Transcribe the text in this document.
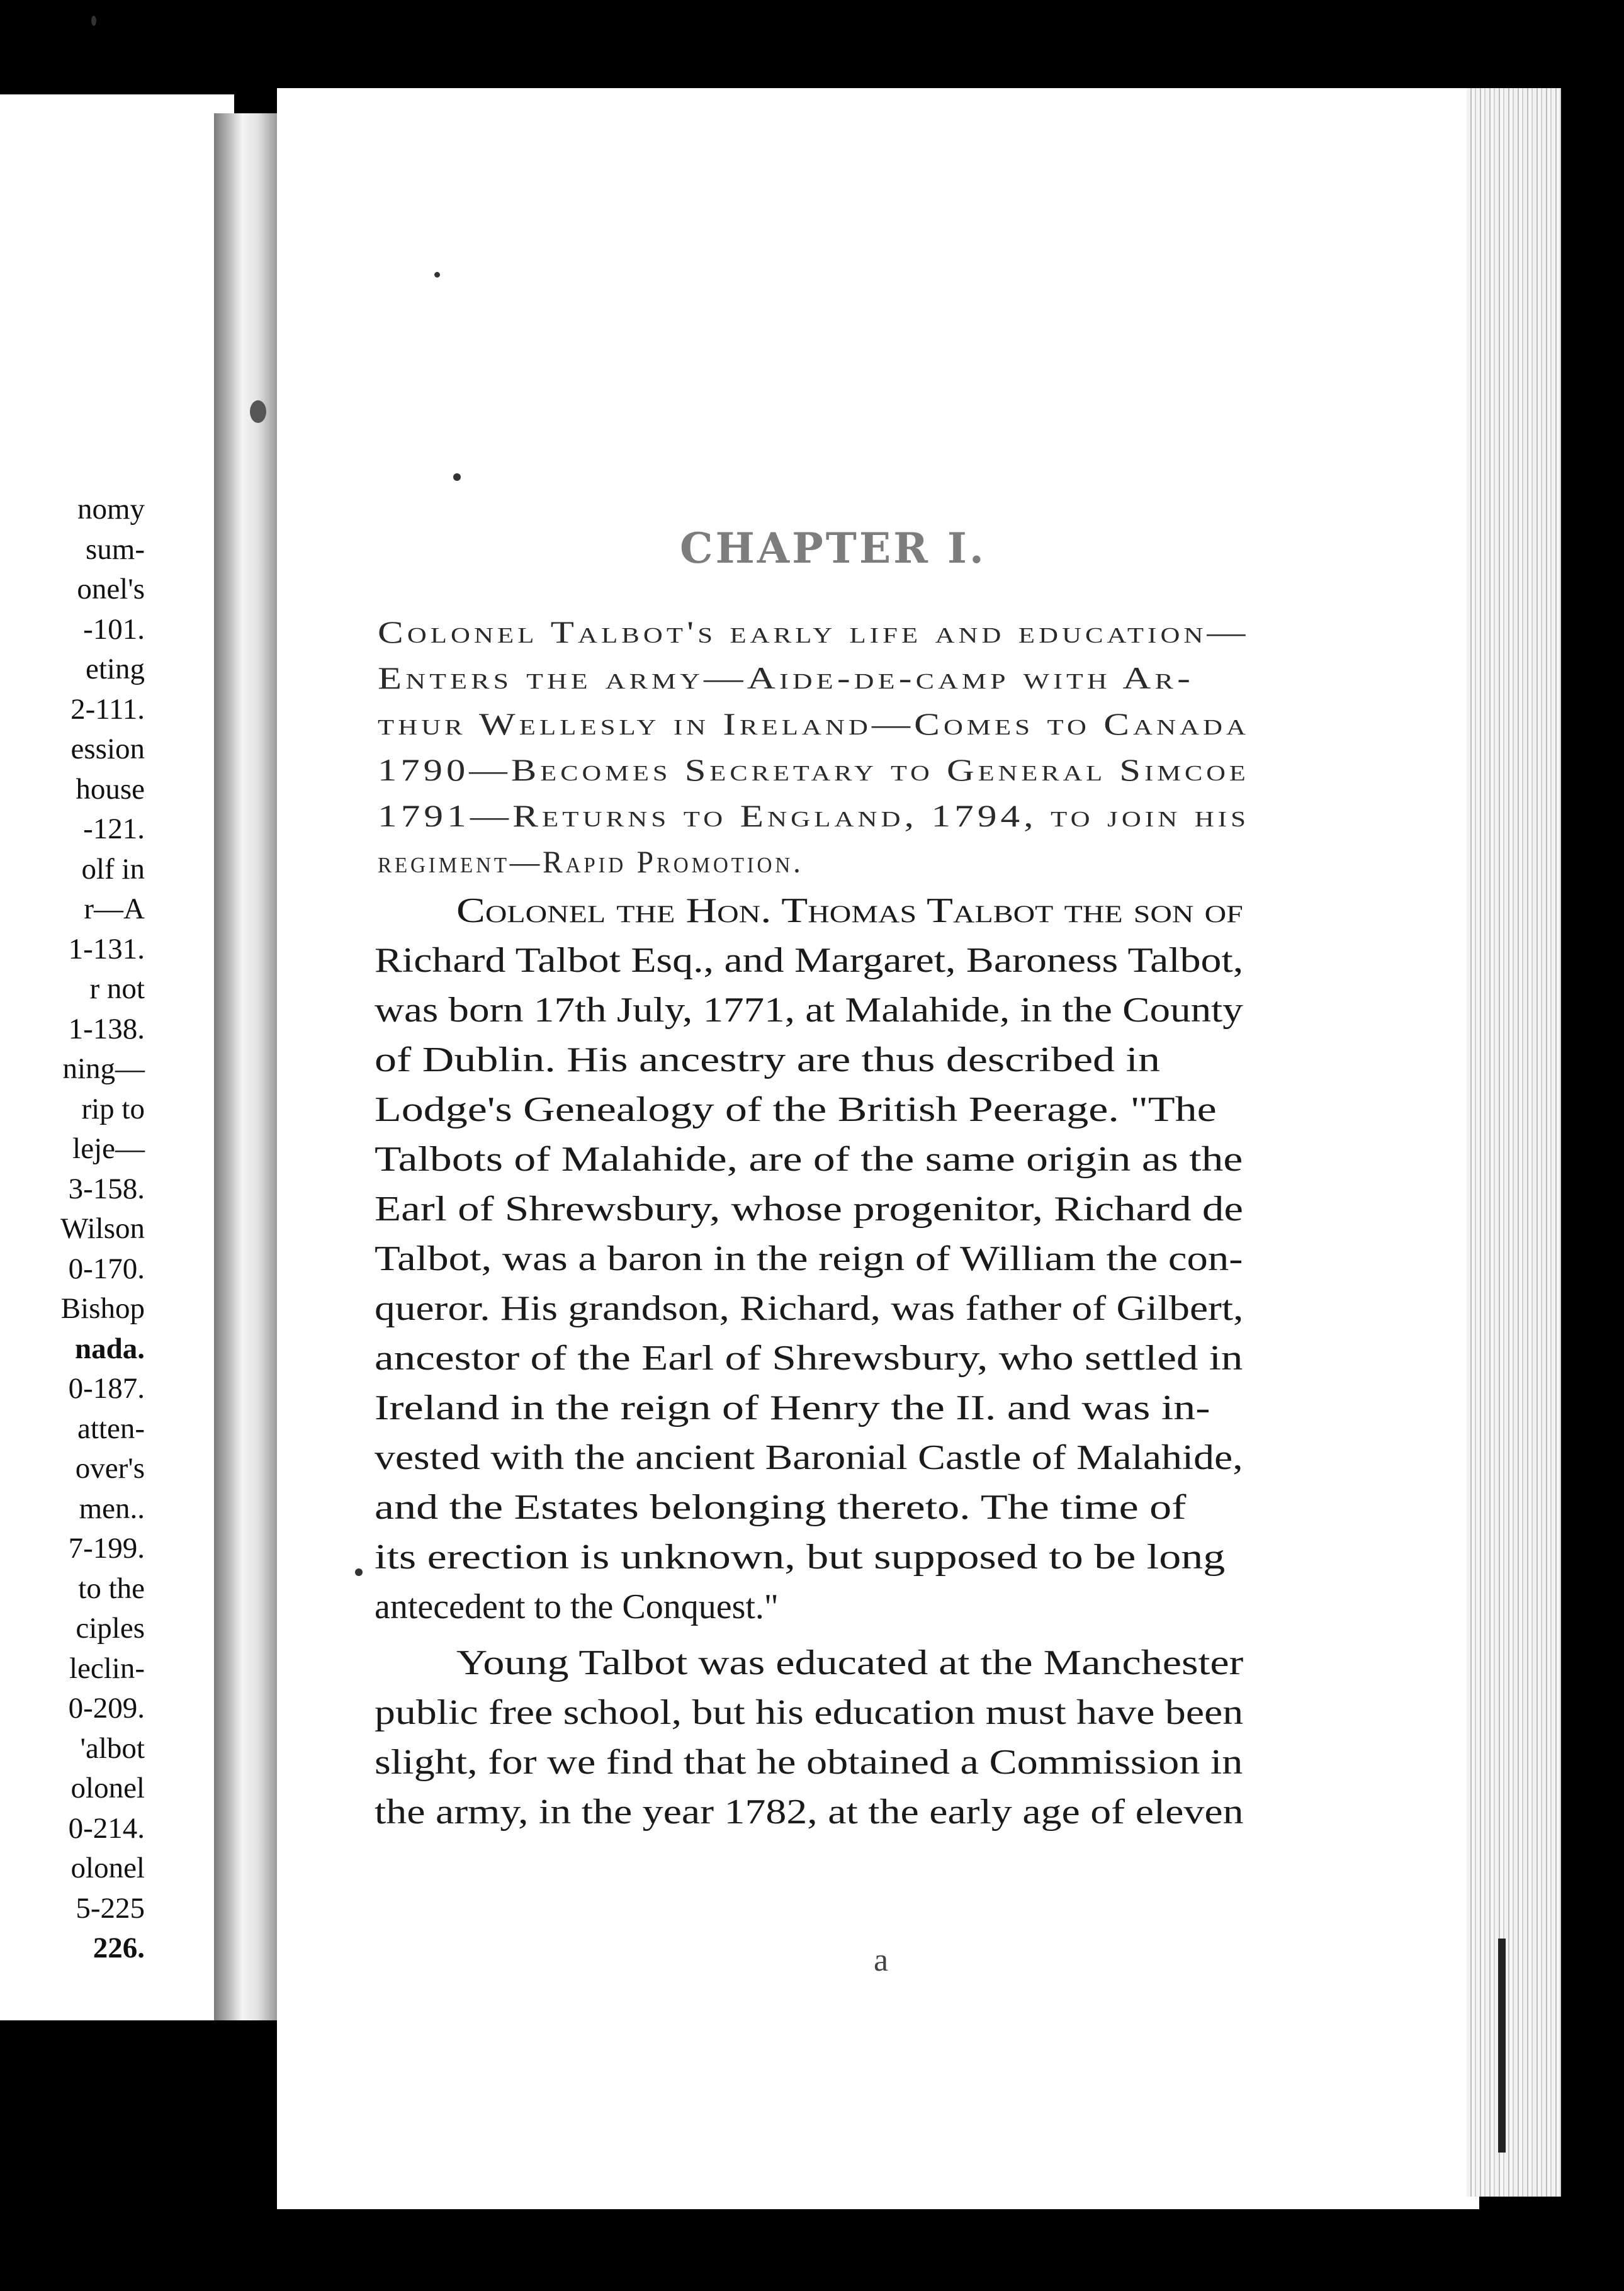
nomy
sum-
onel's
-101.
eting
2-111.
ession
house
-121.
olf in
r—A
1-131.
r not
1-138.
ning—
rip to
leje—
3-158.
Wilson
0-170.
Bishop
nada.
0-187.
atten-
over's
men..
7-199.
to the
ciples
leclin-
0-209.
'albot
olonel
0-214.
olonel
5-225
226.
CHAPTER I.
Colonel Talbot's early life and education—
Enters the army—Aide-de-camp with Ar-
thur Wellesly in Ireland—Comes to Canada
1790—Becomes Secretary to General Simcoe
1791—Returns to England, 1794, to join his
regiment—Rapid Promotion.
Colonel the Hon. Thomas Talbot the son of
Richard Talbot Esq., and Margaret, Baroness Talbot,
was born 17th July, 1771, at Malahide, in the County
of Dublin. His ancestry are thus described in
Lodge's Genealogy of the British Peerage. "The
Talbots of Malahide, are of the same origin as the
Earl of Shrewsbury, whose progenitor, Richard de
Talbot, was a baron in the reign of William the con-
queror. His grandson, Richard, was father of Gilbert,
ancestor of the Earl of Shrewsbury, who settled in
Ireland in the reign of Henry the II. and was in-
vested with the ancient Baronial Castle of Malahide,
and the Estates belonging thereto. The time of
its erection is unknown, but supposed to be long
antecedent to the Conquest."
Young Talbot was educated at the Manchester
public free school, but his education must have been
slight, for we find that he obtained a Commission in
the army, in the year 1782, at the early age of eleven
a
